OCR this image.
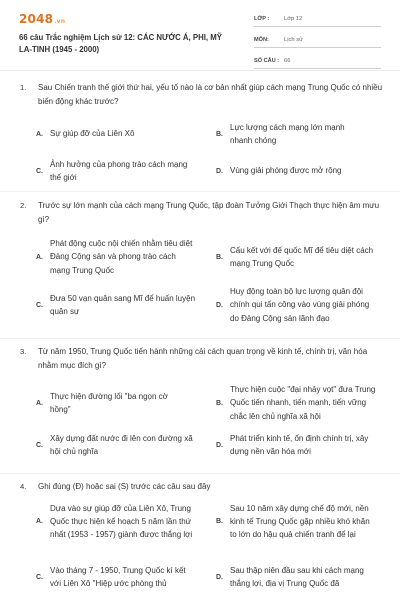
2048.vn
66 câu Trắc nghiệm Lịch sử 12: CÁC NƯỚC Á, PHI, MỸ LA-TINH (1945 - 2000)
LỚP :	Lớp 12
MÔN:	Lịch sử
SỐ CÂU : 66
1. Sau Chiến tranh thế giới thứ hai, yếu tố nào là cơ bản nhất giúp cách mạng Trung Quốc có nhiều biến động khác trước?
A. Sự giúp đỡ của Liên Xô	B.
Lực lượng cách mạng lớn mạnh nhanh chóng
C.
Ảnh hưởng của phong trào cách mạng thế giới
D. Vùng giải phóng được mở rộng
2. Trước sự lớn mạnh của cách mạng Trung Quốc, tập đoàn Tưởng Giới Thạch thực hiện âm mưu gì?
A.
Phát động cuộc nội chiến nhằm tiêu diệt Đảng Cộng sản và phong trào cách mạng Trung Quốc
B.
Cấu kết với đế quốc Mĩ để tiêu diệt cách mạng Trung Quốc
C.
Đưa 50 vạn quân sang Mĩ để huấn luyện quân sự
D.
Huy động toàn bộ lực lượng quân đội chính qui tấn công vào vùng giải phóng do Đảng Cộng sản lãnh đạo
3. Từ năm 1950, Trung Quốc tiến hành những cải cách quan trọng về kinh tế, chính trị, văn hóa nhằm mục đích gì?
A.
Thực hiện đường lối "ba ngọn cờ hồng"
B.
Thực hiện cuộc "đại nhảy vọt" đưa Trung Quốc tiến nhanh, tiến mạnh, tiến vững chắc lên chủ nghĩa xã hội
C.
Xây dựng đất nước đi lên con đường xã hội chủ nghĩa
D.
Phát triển kinh tế, ổn định chính trị, xây dựng nền văn hóa mới
4. Ghi đúng (Đ) hoặc sai (S) trước các câu sau đây
A.
Dựa vào sự giúp đỡ của Liên Xô, Trung Quốc thực hiện kế hoạch 5 năm lần thứ nhất (1953 - 1957) giành được thắng lợi
B.
Sau 10 năm xây dựng chế độ mới, nền kinh tế Trung Quốc gặp nhiều khó khăn to lớn do hậu quả chiến tranh để lại
C.
Vào tháng 7 - 1950, Trung Quốc kí kết với Liên Xô "Hiệp ước phòng thủ
D.
Sau thập niên đầu sau khi cách mạng thắng lợi, địa vị Trung Quốc đã
